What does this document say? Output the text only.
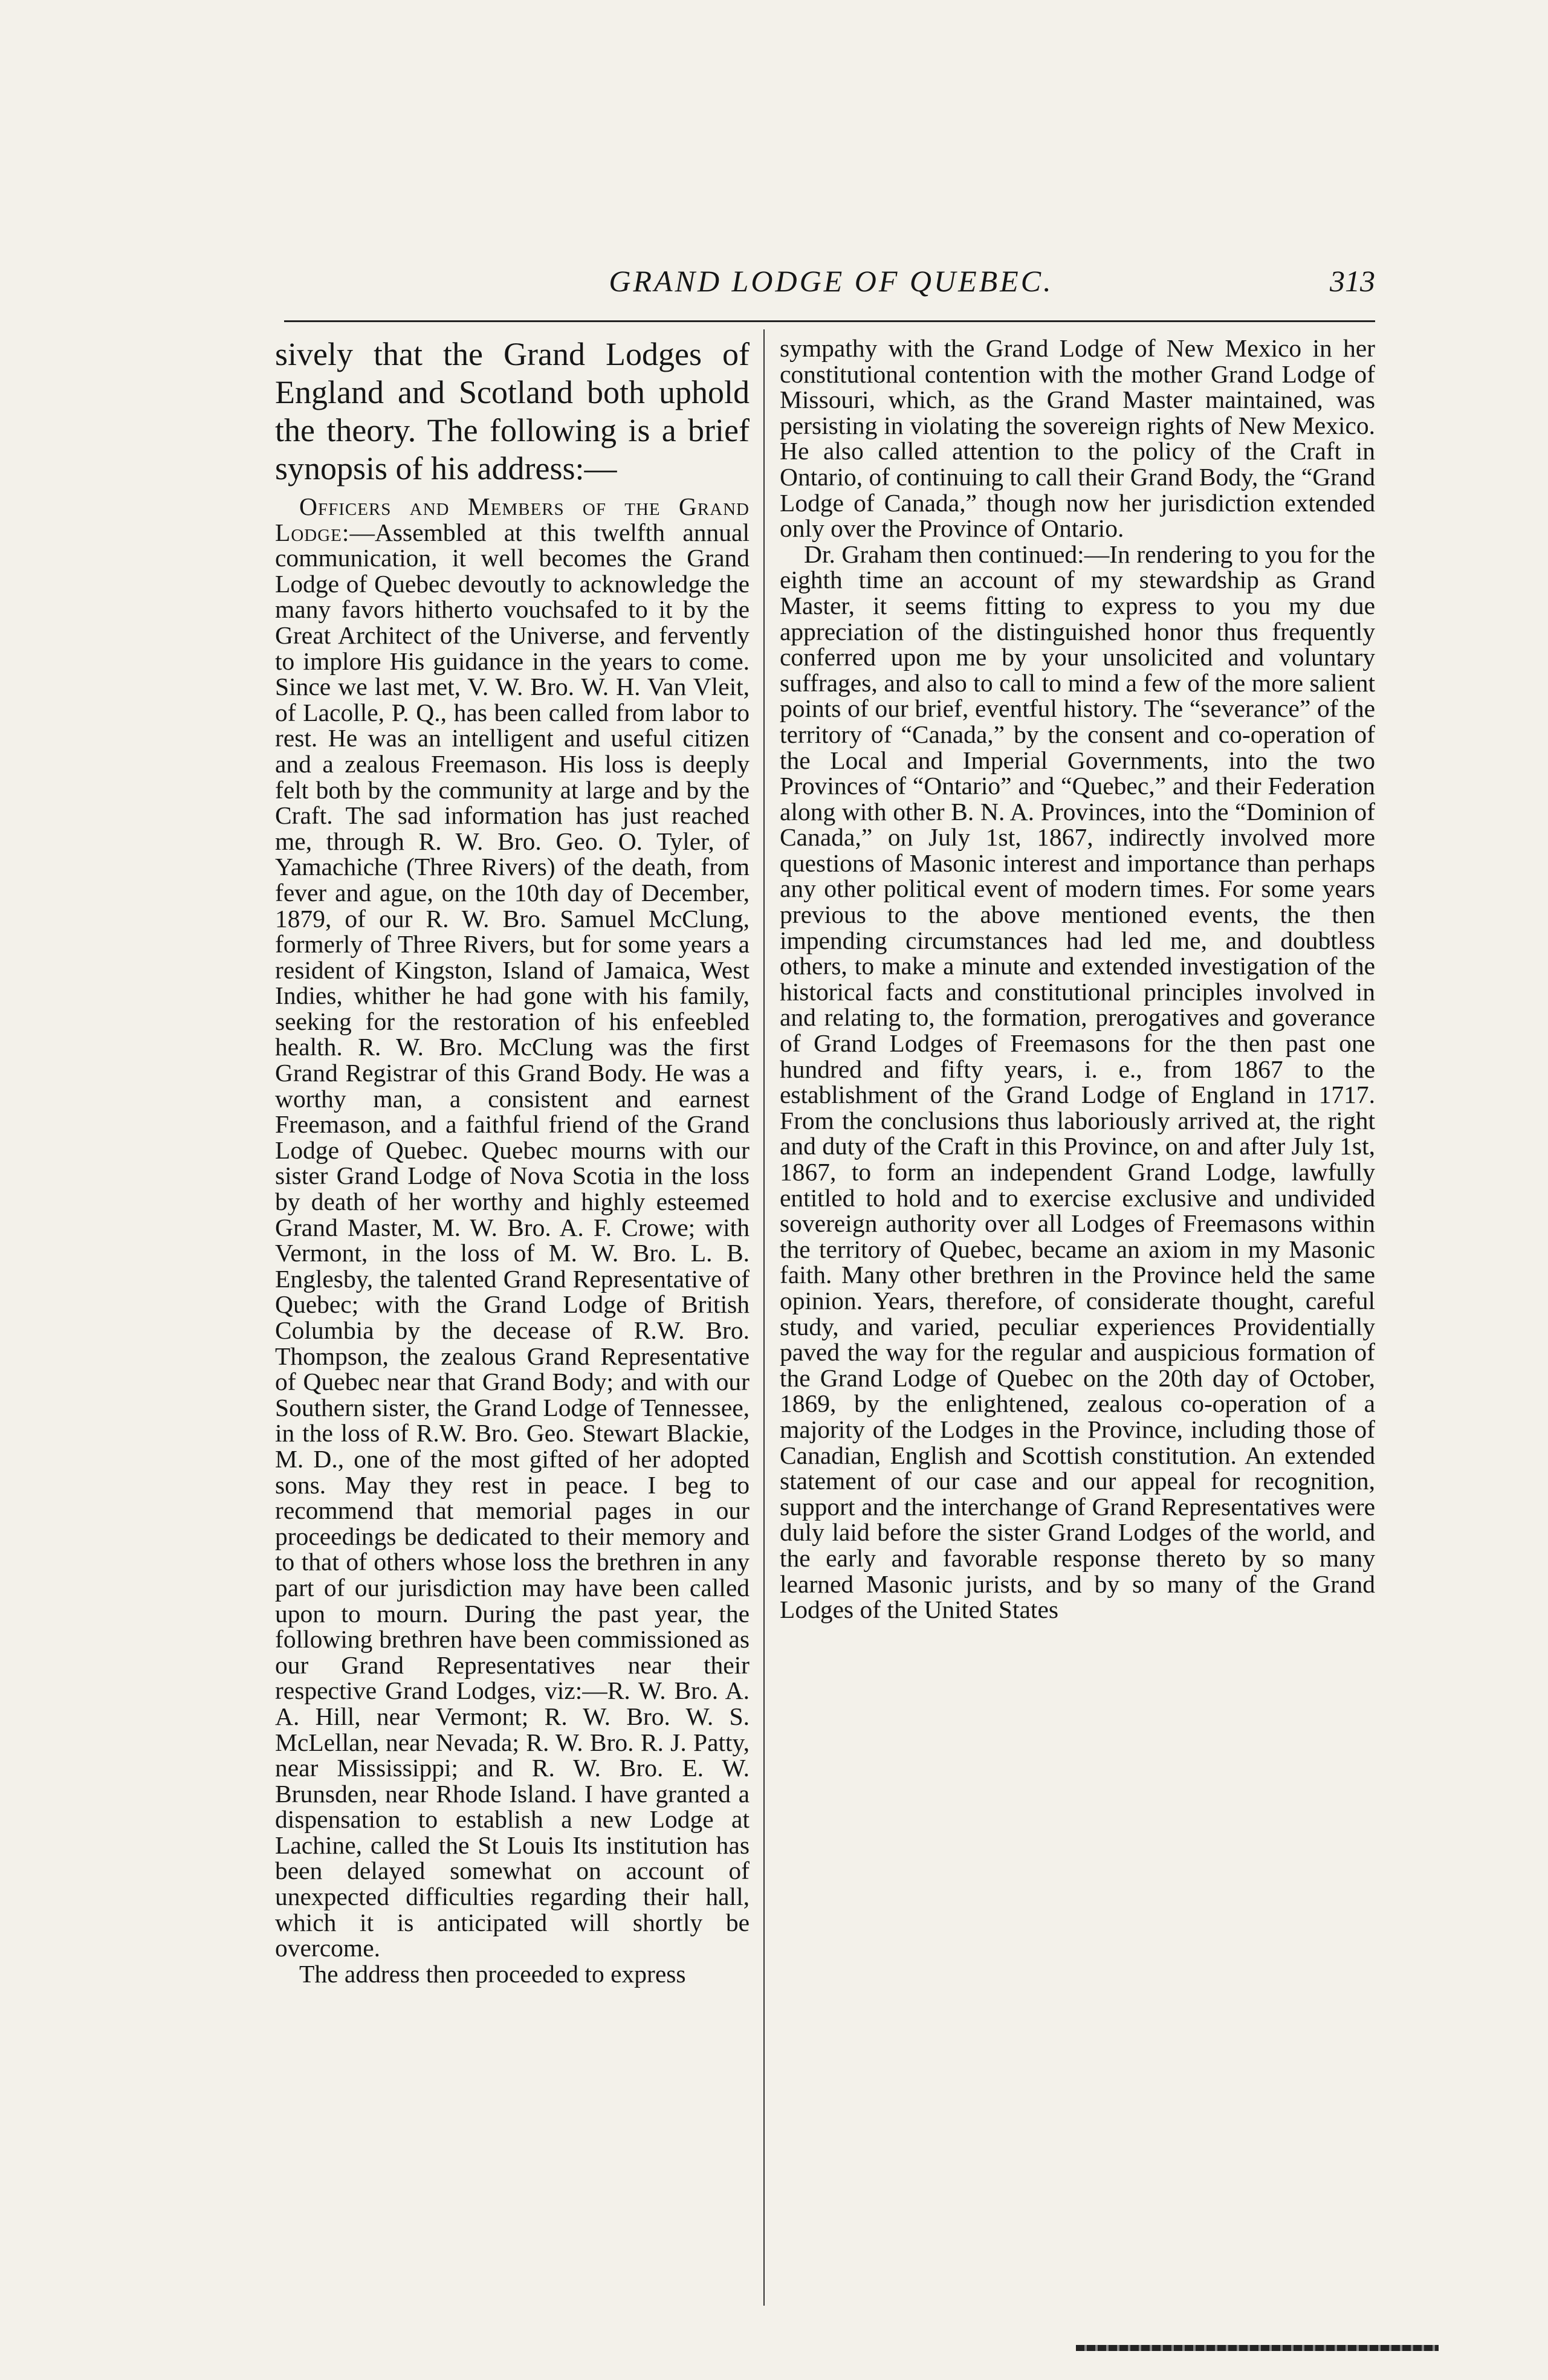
GRAND LODGE OF QUEBEC.	313

sively that the Grand Lodges of England and Scotland both uphold the theory. The following is a brief synopsis of his address:—

Officers and Members of the Grand Lodge:—Assembled at this twelfth annual communication, it well becomes the Grand Lodge of Quebec devoutly to acknowledge the many favors hitherto vouchsafed to it by the Great Architect of the Universe, and fervently to implore His guidance in the years to come. Since we last met, V. W. Bro. W. H. Van Vleit, of Lacolle, P. Q., has been called from labor to rest. He was an intelligent and useful citizen and a zealous Freemason. His loss is deeply felt both by the community at large and by the Craft. The sad information has just reached me, through R. W. Bro. Geo. O. Tyler, of Yamachiche (Three Rivers) of the death, from fever and ague, on the 10th day of December, 1879, of our R. W. Bro. Samuel McClung, formerly of Three Rivers, but for some years a resident of Kingston, Island of Jamaica, West Indies, whither he had gone with his family, seeking for the restoration of his enfeebled health. R. W. Bro. McClung was the first Grand Registrar of this Grand Body. He was a worthy man, a consistent and earnest Freemason, and a faithful friend of the Grand Lodge of Quebec. Quebec mourns with our sister Grand Lodge of Nova Scotia in the loss by death of her worthy and highly esteemed Grand Master, M. W. Bro. A. F. Crowe; with Vermont, in the loss of M. W. Bro. L. B. Englesby, the talented Grand Representative of Quebec; with the Grand Lodge of British Columbia by the decease of R.W. Bro. Thompson, the zealous Grand Representative of Quebec near that Grand Body; and with our Southern sister, the Grand Lodge of Tennessee, in the loss of R.W. Bro. Geo. Stewart Blackie, M. D., one of the most gifted of her adopted sons. May they rest in peace. I beg to recommend that memorial pages in our proceedings be dedicated to their memory and to that of others whose loss the brethren in any part of our jurisdiction may have been called upon to mourn. During the past year, the following brethren have been commissioned as our Grand Representatives near their respective Grand Lodges, viz:—R. W. Bro. A. A. Hill, near Vermont; R. W. Bro. W. S. McLellan, near Nevada; R. W. Bro. R. J. Patty, near Mississippi; and R. W. Bro. E. W. Brunsden, near Rhode Island. I have granted a dispensation to establish a new Lodge at Lachine, called the St Louis Its institution has been delayed somewhat on account of unexpected difficulties regarding their hall, which it is anticipated will shortly be overcome.

The address then proceeded to express

sympathy with the Grand Lodge of New Mexico in her constitutional contention with the mother Grand Lodge of Missouri, which, as the Grand Master maintained, was persisting in violating the sovereign rights of New Mexico. He also called attention to the policy of the Craft in Ontario, of continuing to call their Grand Body, the “Grand Lodge of Canada,” though now her jurisdiction extended only over the Province of Ontario.

Dr. Graham then continued:—In rendering to you for the eighth time an account of my stewardship as Grand Master, it seems fitting to express to you my due appreciation of the distinguished honor thus frequently conferred upon me by your unsolicited and voluntary suffrages, and also to call to mind a few of the more salient points of our brief, eventful history. The “severance” of the territory of “Canada,” by the consent and co-operation of the Local and Imperial Governments, into the two Provinces of “Ontario” and “Quebec,” and their Federation along with other B. N. A. Provinces, into the “Dominion of Canada,” on July 1st, 1867, indirectly involved more questions of Masonic interest and importance than perhaps any other political event of modern times. For some years previous to the above mentioned events, the then impending circumstances had led me, and doubtless others, to make a minute and extended investigation of the historical facts and constitutional principles involved in and relating to, the formation, prerogatives and goverance of Grand Lodges of Freemasons for the then past one hundred and fifty years, i. e., from 1867 to the establishment of the Grand Lodge of England in 1717. From the conclusions thus laboriously arrived at, the right and duty of the Craft in this Province, on and after July 1st, 1867, to form an independent Grand Lodge, lawfully entitled to hold and to exercise exclusive and undivided sovereign authority over all Lodges of Freemasons within the territory of Quebec, became an axiom in my Masonic faith. Many other brethren in the Province held the same opinion. Years, therefore, of considerate thought, careful study, and varied, peculiar experiences Providentially paved the way for the regular and auspicious formation of the Grand Lodge of Quebec on the 20th day of October, 1869, by the enlightened, zealous co-operation of a majority of the Lodges in the Province, including those of Canadian, English and Scottish constitution. An extended statement of our case and our appeal for recognition, support and the interchange of Grand Representatives were duly laid before the sister Grand Lodges of the world, and the early and favorable response thereto by so many learned Masonic jurists, and by so many of the Grand Lodges of the United States
